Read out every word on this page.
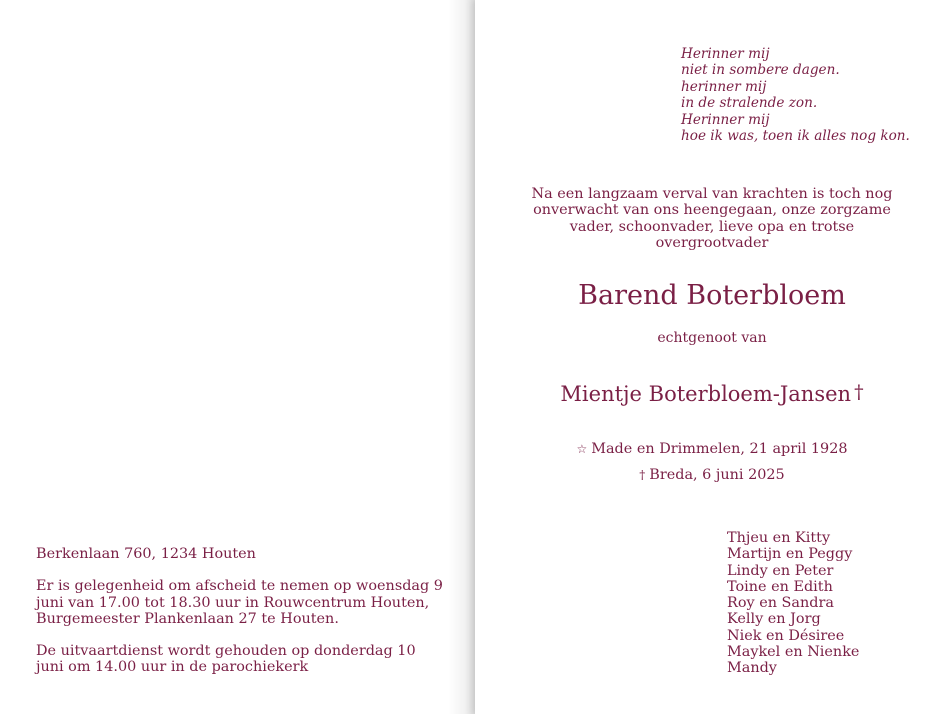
Berkenlaan 760, 1234 Houten
Er is gelegenheid om afscheid te nemen op woensdag 9 juni van 17.00 tot 18.30 uur in Rouwcentrum Houten, Burgemeester Plankenlaan 27 te Houten.
De uitvaartdienst wordt gehouden op donderdag 10 juni om 14.00 uur in de parochiekerk
Herinner mij
niet in sombere dagen.
herinner mij
in de stralende zon.
Herinner mij
hoe ik was, toen ik alles nog kon.
Na een langzaam verval van krachten is toch nog onverwacht van ons heengegaan, onze zorgzame vader, schoonvader, lieve opa en trotse overgrootvader
Barend Boterbloem
echtgenoot van
Mientje Boterbloem-Jansen †
☆ Made en Drimmelen, 21 april 1928
† Breda, 6 juni 2025
Thjeu en Kitty
Martijn en Peggy
Lindy en Peter
Toine en Edith
Roy en Sandra
Kelly en Jorg
Niek en Désiree
Maykel en Nienke
Mandy
